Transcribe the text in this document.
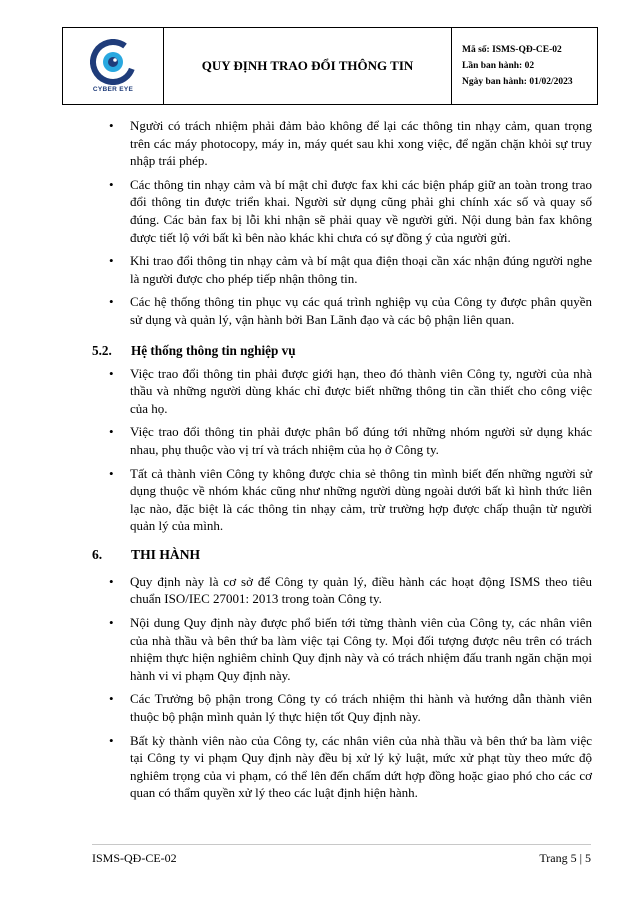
CYBER EYE
QUY ĐỊNH TRAO ĐỔI THÔNG TIN
Mã số: ISMS-QĐ-CE-02
Lần ban hành: 02
Ngày ban hành: 01/02/2023
• Người có trách nhiệm phải đảm bảo không để lại các thông tin nhạy cảm, quan trọng trên các máy photocopy, máy in, máy quét sau khi xong việc, để ngăn chặn khỏi sự truy nhập trái phép.
• Các thông tin nhạy cảm và bí mật chỉ được fax khi các biện pháp giữ an toàn trong trao đổi thông tin được triển khai. Người sử dụng cũng phải ghi chính xác số và quay số đúng. Các bản fax bị lỗi khi nhận sẽ phải quay về người gửi. Nội dung bản fax không được tiết lộ với bất kì bên nào khác khi chưa có sự đồng ý của người gửi.
• Khi trao đổi thông tin nhạy cảm và bí mật qua điện thoại cần xác nhận đúng người nghe là người được cho phép tiếp nhận thông tin.
• Các hệ thống thông tin phục vụ các quá trình nghiệp vụ của Công ty được phân quyền sử dụng và quản lý, vận hành bởi Ban Lãnh đạo và các bộ phận liên quan.
5.2.	Hệ thống thông tin nghiệp vụ
• Việc trao đổi thông tin phải được giới hạn, theo đó thành viên Công ty, người của nhà thầu và những người dùng khác chỉ được biết những thông tin cần thiết cho công việc của họ.
• Việc trao đổi thông tin phải được phân bổ đúng tới những nhóm người sử dụng khác nhau, phụ thuộc vào vị trí và trách nhiệm của họ ở Công ty.
• Tất cả thành viên Công ty không được chia sẻ thông tin mình biết đến những người sử dụng thuộc về nhóm khác cũng như những người dùng ngoài dưới bất kì hình thức liên lạc nào, đặc biệt là các thông tin nhạy cảm, trừ trường hợp được chấp thuận từ người quản lý của mình.
6.	THI HÀNH
• Quy định này là cơ sở để Công ty quản lý, điều hành các hoạt động ISMS theo tiêu chuẩn ISO/IEC 27001: 2013 trong toàn Công ty.
• Nội dung Quy định này được phổ biến tới từng thành viên của Công ty, các nhân viên của nhà thầu và bên thứ ba làm việc tại Công ty. Mọi đối tượng được nêu trên có trách nhiệm thực hiện nghiêm chỉnh Quy định này và có trách nhiệm đấu tranh ngăn chặn mọi hành vi vi phạm Quy định này.
• Các Trưởng bộ phận trong Công ty có trách nhiệm thi hành và hướng dẫn thành viên thuộc bộ phận mình quản lý thực hiện tốt Quy định này.
• Bất kỳ thành viên nào của Công ty, các nhân viên của nhà thầu và bên thứ ba làm việc tại Công ty vi phạm Quy định này đều bị xử lý kỷ luật, mức xử phạt tùy theo mức độ nghiêm trọng của vi phạm, có thể lên đến chấm dứt hợp đồng hoặc giao phó cho các cơ quan có thẩm quyền xử lý theo các luật định hiện hành.
ISMS-QĐ-CE-02	Trang 5 | 5
